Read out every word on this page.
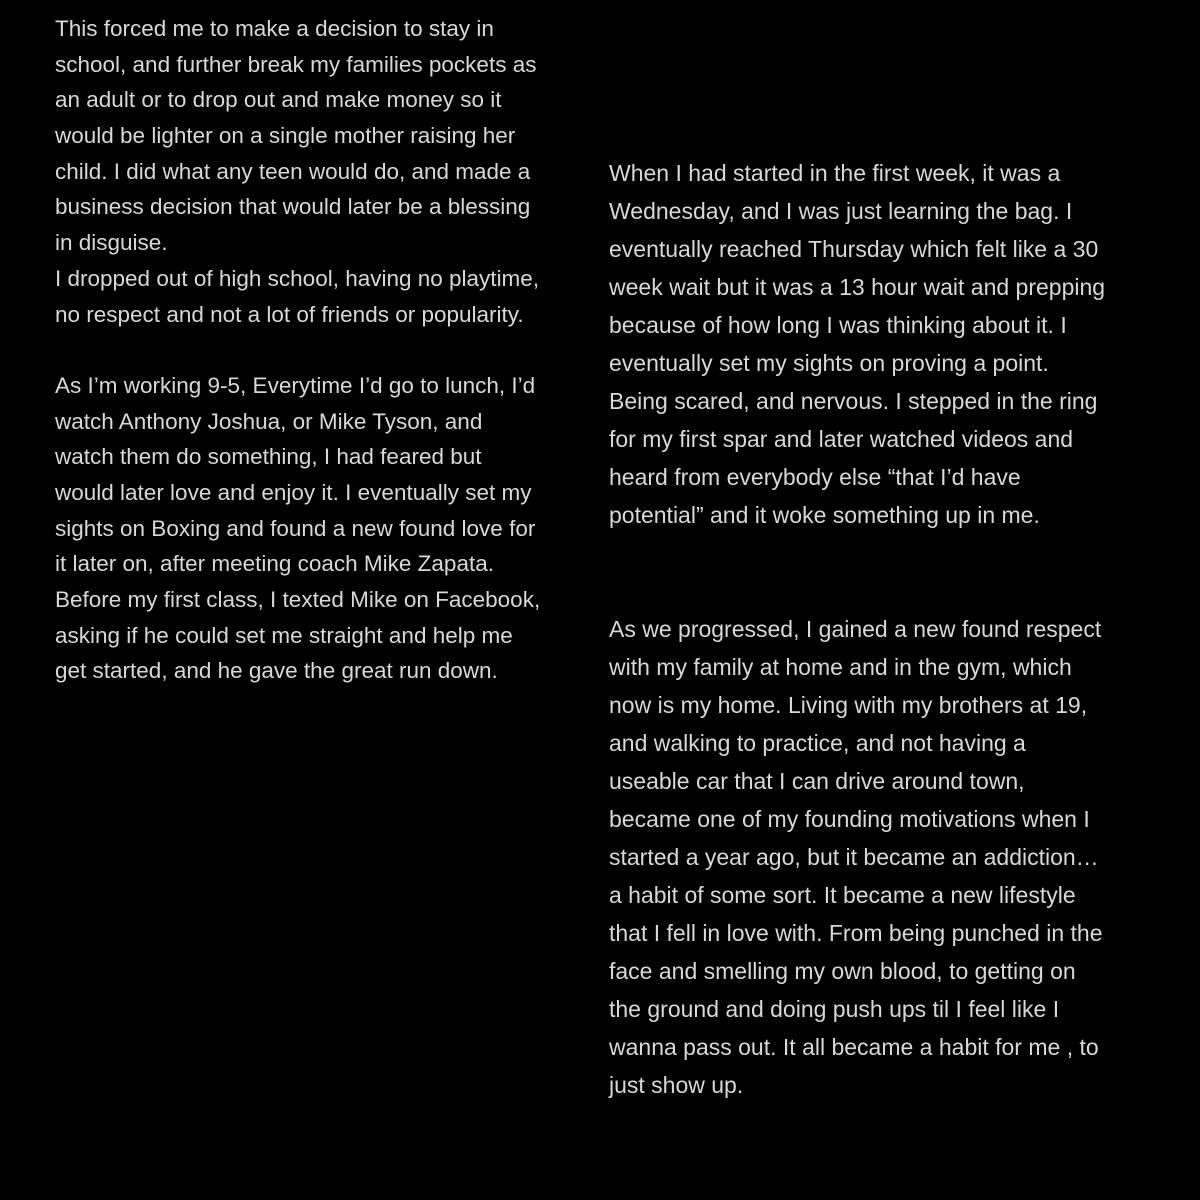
This forced me to make a decision to stay in
school, and further break my families pockets as
an adult or to drop out and make money so it
would be lighter on a single mother raising her
child. I did what any teen would do, and made a
business decision that would later be a blessing
in disguise.
I dropped out of high school, having no playtime,
no respect and not a lot of friends or popularity.
As I’m working 9-5, Everytime I’d go to lunch, I’d
watch Anthony Joshua, or Mike Tyson, and
watch them do something, I had feared but
would later love and enjoy it. I eventually set my
sights on Boxing and found a new found love for
it later on, after meeting coach Mike Zapata.
Before my first class, I texted Mike on Facebook,
asking if he could set me straight and help me
get started, and he gave the great run down.
When I had started in the first week, it was a
Wednesday, and I was just learning the bag. I
eventually reached Thursday which felt like a 30
week wait but it was a 13 hour wait and prepping
because of how long I was thinking about it. I
eventually set my sights on proving a point.
Being scared, and nervous. I stepped in the ring
for my first spar and later watched videos and
heard from everybody else “that I’d have
potential” and it woke something up in me.
As we progressed, I gained a new found respect
with my family at home and in the gym, which
now is my home. Living with my brothers at 19,
and walking to practice, and not having a
useable car that I can drive around town,
became one of my founding motivations when I
started a year ago, but it became an addiction…
a habit of some sort. It became a new lifestyle
that I fell in love with. From being punched in the
face and smelling my own blood, to getting on
the ground and doing push ups til I feel like I
wanna pass out. It all became a habit for me , to
just show up.
